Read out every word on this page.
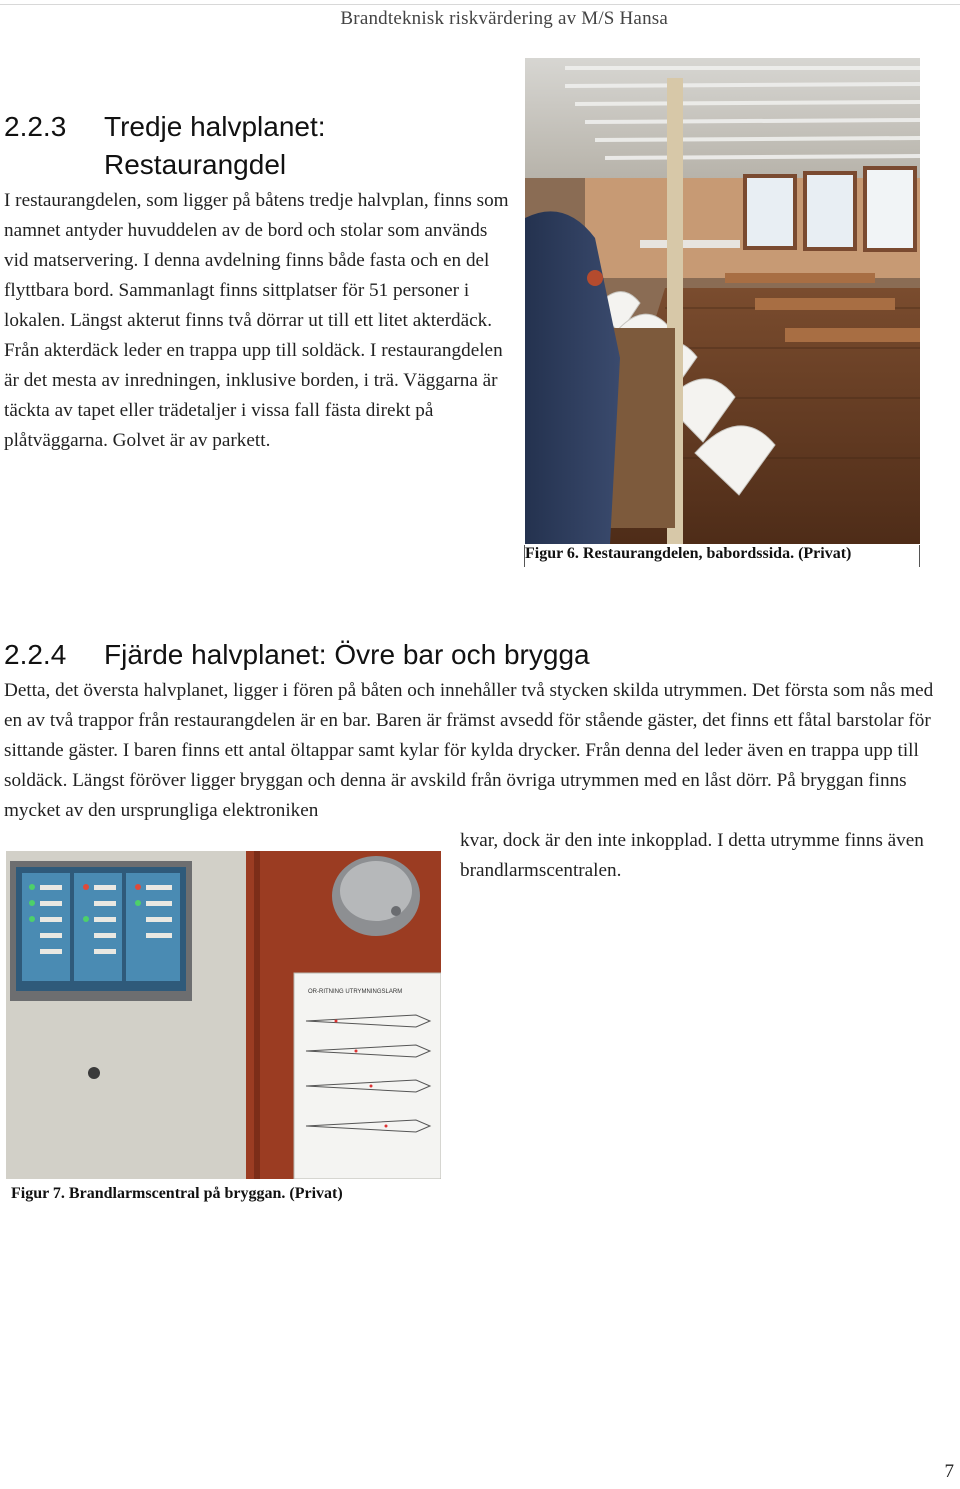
Brandteknisk riskvärdering av M/S Hansa
2.2.3 Tredje halvplanet:
Restaurangdel

I restaurangdelen, som ligger på båtens tredje halvplan, finns som namnet antyder huvuddelen av de bord och stolar som används vid matservering. I denna avdelning finns både fasta och en del flyttbara bord. Sammanlagt finns sittplatser för 51 personer i lokalen. Längst akterut finns två dörrar ut till ett litet akterdäck. Från akterdäck leder en trappa upp till soldäck. I restaurangdelen är det mesta av inredningen, inklusive borden, i trä. Väggarna är täckta av tapet eller trädetaljer i vissa fall fästa direkt på plåtväggarna. Golvet är av parkett.

Figur 6. Restaurangdelen, babordssida. (Privat)
2.2.4 Fjärde halvplanet: Övre bar och brygga

Detta, det översta halvplanet, ligger i fören på båten och innehåller två stycken skilda utrymmen. Det första som nås med en av två trappor från restaurangdelen är en bar. Baren är främst avsedd för stående gäster, det finns ett fåtal barstolar för sittande gäster. I baren finns ett antal öltappar samt kylar för kylda drycker. Från denna del leder även en trappa upp till soldäck. Längst föröver ligger bryggan och denna är avskild från övriga utrymmen med en låst dörr. På bryggan finns mycket av den ursprungliga elektroniken

kvar, dock är den inte inkopplad. I detta utrymme finns även brandlarmscentralen.

OR-RITNING UTRYMNINGSLARM
Figur 7. Brandlarmscentral på bryggan. (Privat)
7
